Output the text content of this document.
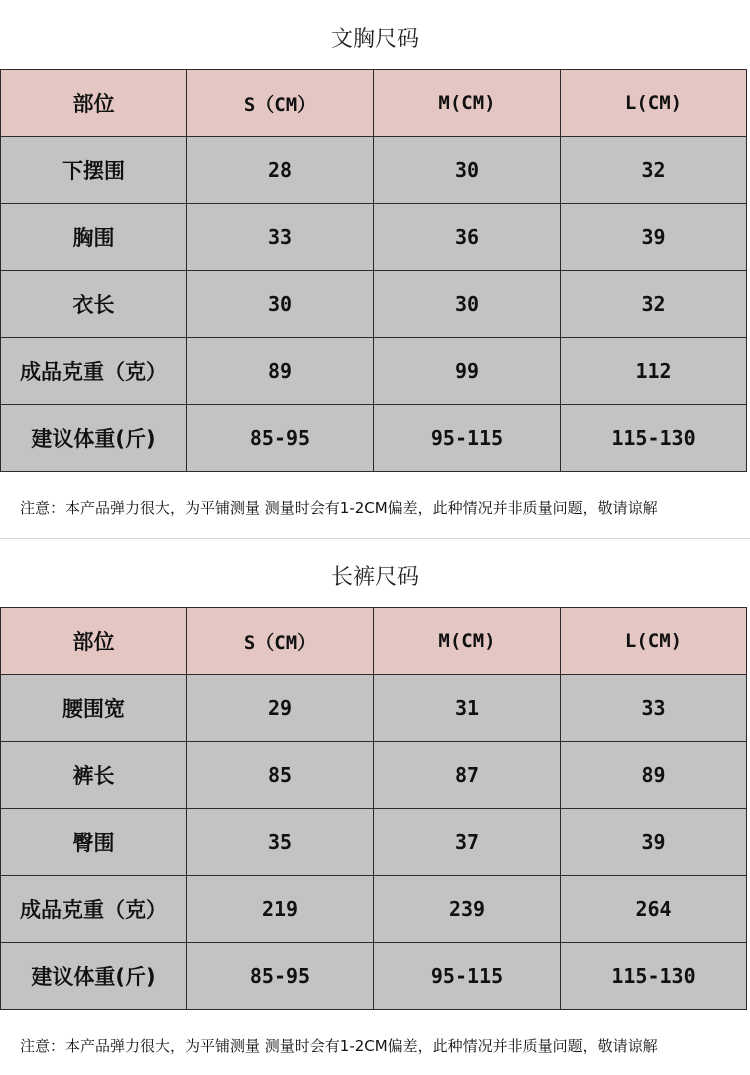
文胸尺码
部位	S（CM）	M(CM)	L(CM)
下摆围	28	30	32
胸围	33	36	39
衣长	30	30	32
成品克重（克）	89	99	112
建议体重(斤)	85-95	95-115	115-130
注意：本产品弹力很大，为平铺测量 测量时会有1-2CM偏差，此种情况并非质量问题，敬请谅解
长裤尺码
部位	S（CM）	M(CM)	L(CM)
腰围宽	29	31	33
裤长	85	87	89
臀围	35	37	39
成品克重（克）	219	239	264
建议体重(斤)	85-95	95-115	115-130
注意：本产品弹力很大，为平铺测量 测量时会有1-2CM偏差，此种情况并非质量问题，敬请谅解
